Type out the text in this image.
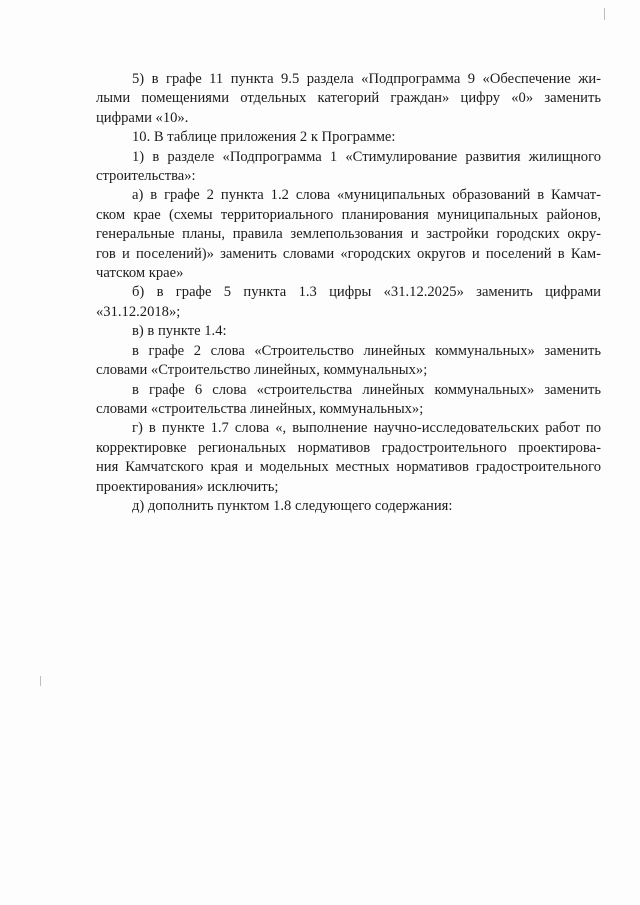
5) в графе 11 пункта 9.5 раздела «Подпрограмма 9 «Обеспечение жи-
лыми помещениями отдельных категорий граждан» цифру «0» заменить
цифрами «10».
10. В таблице приложения 2 к Программе:
1) в разделе «Подпрограмма 1 «Стимулирование развития жилищного
строительства»:
а) в графе 2 пункта 1.2 слова «муниципальных образований в Камчат-
ском крае (схемы территориального планирования муниципальных районов,
генеральные планы, правила землепользования и застройки городских окру-
гов и поселений)» заменить словами «городских округов и поселений в Кам-
чатском крае»
б) в графе 5 пункта 1.3 цифры «31.12.2025» заменить цифрами
«31.12.2018»;
в) в пункте 1.4:
в графе 2 слова «Строительство линейных коммунальных» заменить
словами «Строительство линейных, коммунальных»;
в графе 6 слова «строительства линейных коммунальных» заменить
словами «строительства линейных, коммунальных»;
г) в пункте 1.7 слова «, выполнение научно-исследовательских работ по
корректировке региональных нормативов градостроительного проектирова-
ния Камчатского края и модельных местных нормативов градостроительного
проектирования» исключить;
д) дополнить пунктом 1.8 следующего содержания:
